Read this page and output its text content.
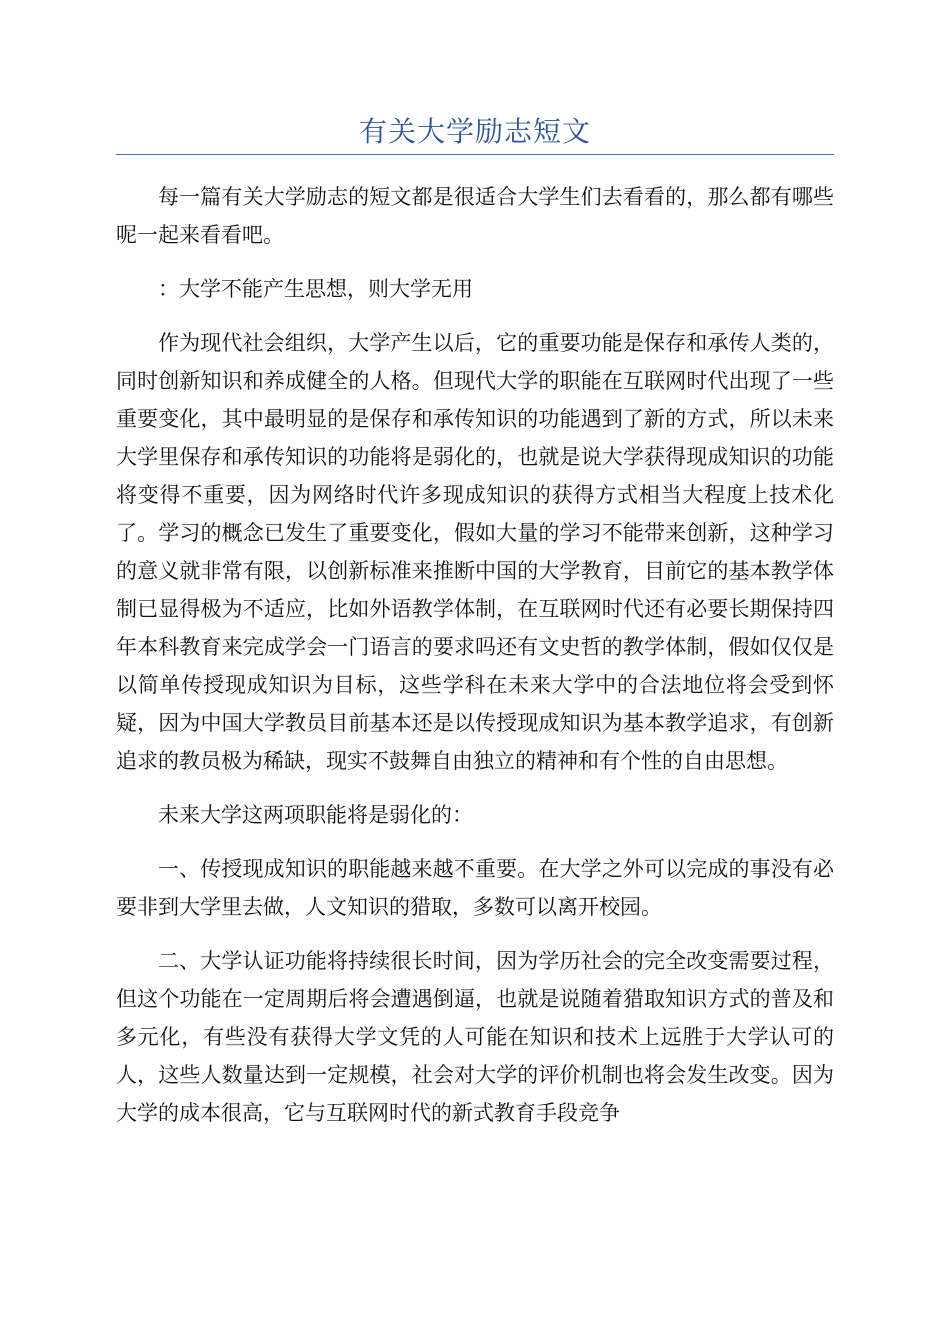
有关大学励志短文

每一篇有关大学励志的短文都是很适合大学生们去看看的，那么都有哪些呢一起来看看吧。

：大学不能产生思想，则大学无用

作为现代社会组织，大学产生以后，它的重要功能是保存和承传人类的，同时创新知识和养成健全的人格。但现代大学的职能在互联网时代出现了一些重要变化，其中最明显的是保存和承传知识的功能遇到了新的方式，所以未来大学里保存和承传知识的功能将是弱化的，也就是说大学获得现成知识的功能将变得不重要，因为网络时代许多现成知识的获得方式相当大程度上技术化了。学习的概念已发生了重要变化，假如大量的学习不能带来创新，这种学习的意义就非常有限，以创新标准来推断中国的大学教育，目前它的基本教学体制已显得极为不适应，比如外语教学体制，在互联网时代还有必要长期保持四年本科教育来完成学会一门语言的要求吗还有文史哲的教学体制，假如仅仅是以简单传授现成知识为目标，这些学科在未来大学中的合法地位将会受到怀疑，因为中国大学教员目前基本还是以传授现成知识为基本教学追求，有创新追求的教员极为稀缺，现实不鼓舞自由独立的精神和有个性的自由思想。

未来大学这两项职能将是弱化的：

一、传授现成知识的职能越来越不重要。在大学之外可以完成的事没有必要非到大学里去做，人文知识的猎取，多数可以离开校园。

二、大学认证功能将持续很长时间，因为学历社会的完全改变需要过程，但这个功能在一定周期后将会遭遇倒逼，也就是说随着猎取知识方式的普及和多元化，有些没有获得大学文凭的人可能在知识和技术上远胜于大学认可的人，这些人数量达到一定规模，社会对大学的评价机制也将会发生改变。因为大学的成本很高，它与互联网时代的新式教育手段竞争
